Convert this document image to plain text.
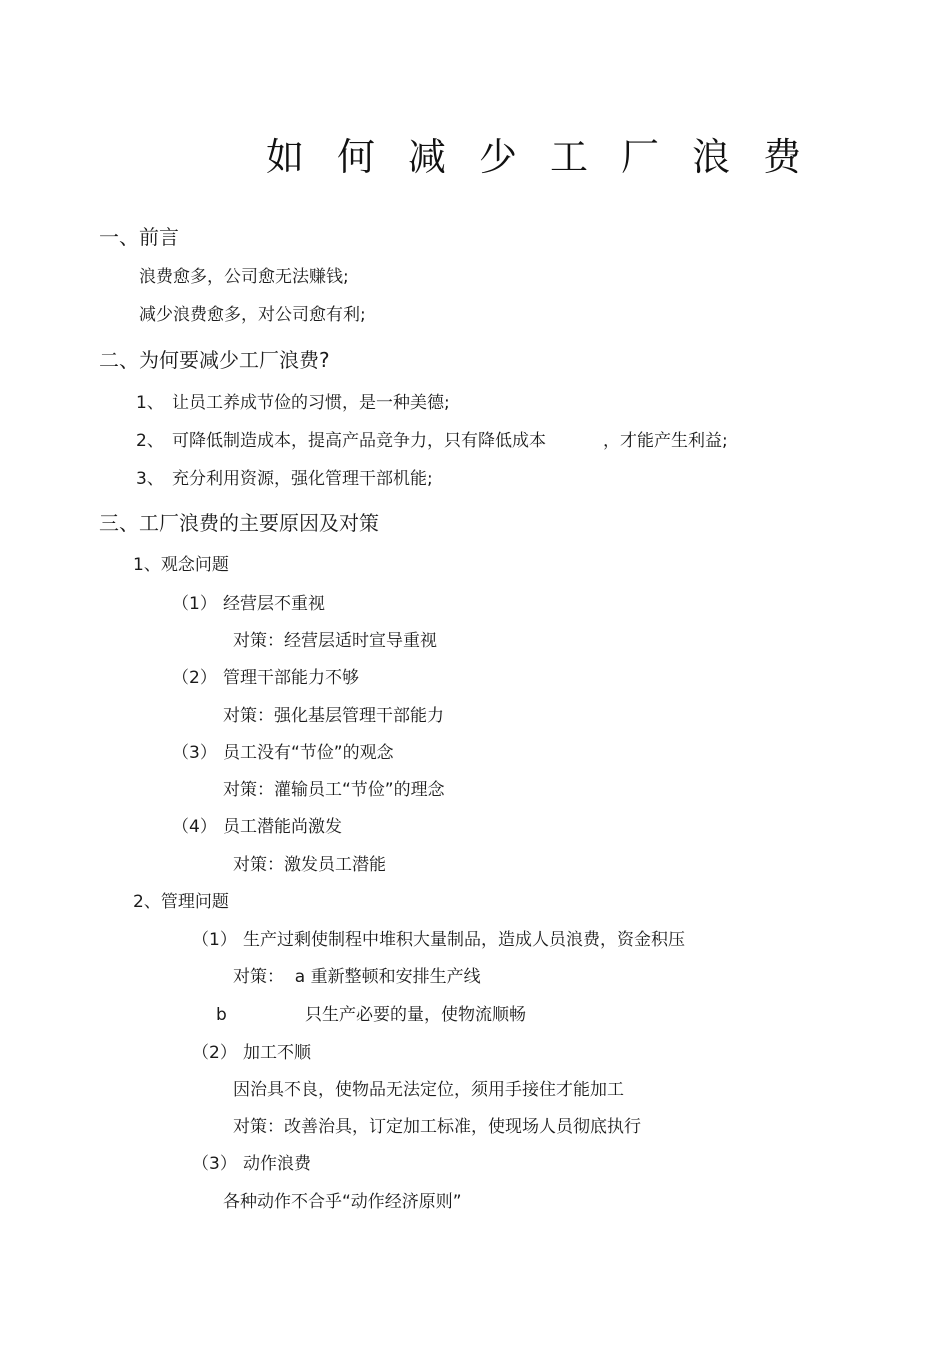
如何减少工厂浪费
一、前言
浪费愈多，公司愈无法赚钱;
减少浪费愈多，对公司愈有利;
二、为何要减少工厂浪费?
1、 让员工养成节俭的习惯，是一种美德;
2、 可降低制造成本，提高产品竞争力，只有降低成本	，才能产生利益;
3、 充分利用资源，强化管理干部机能;
三、工厂浪费的主要原因及对策
1、观念问题
（1） 经营层不重视
对策：经营层适时宣导重视
（2） 管理干部能力不够
对策：强化基层管理干部能力
（3） 员工没有“节俭”的观念
对策：灌输员工“节俭”的理念
（4） 员工潜能尚激发
对策：激发员工潜能
2、管理问题
（1） 生产过剩使制程中堆积大量制品，造成人员浪费，资金积压
对策：  a 重新整顿和安排生产线
b	只生产必要的量，使物流顺畅
（2） 加工不顺
因治具不良，使物品无法定位，须用手接住才能加工
对策：改善治具，订定加工标准，使现场人员彻底执行
（3） 动作浪费
各种动作不合乎“动作经济原则”
